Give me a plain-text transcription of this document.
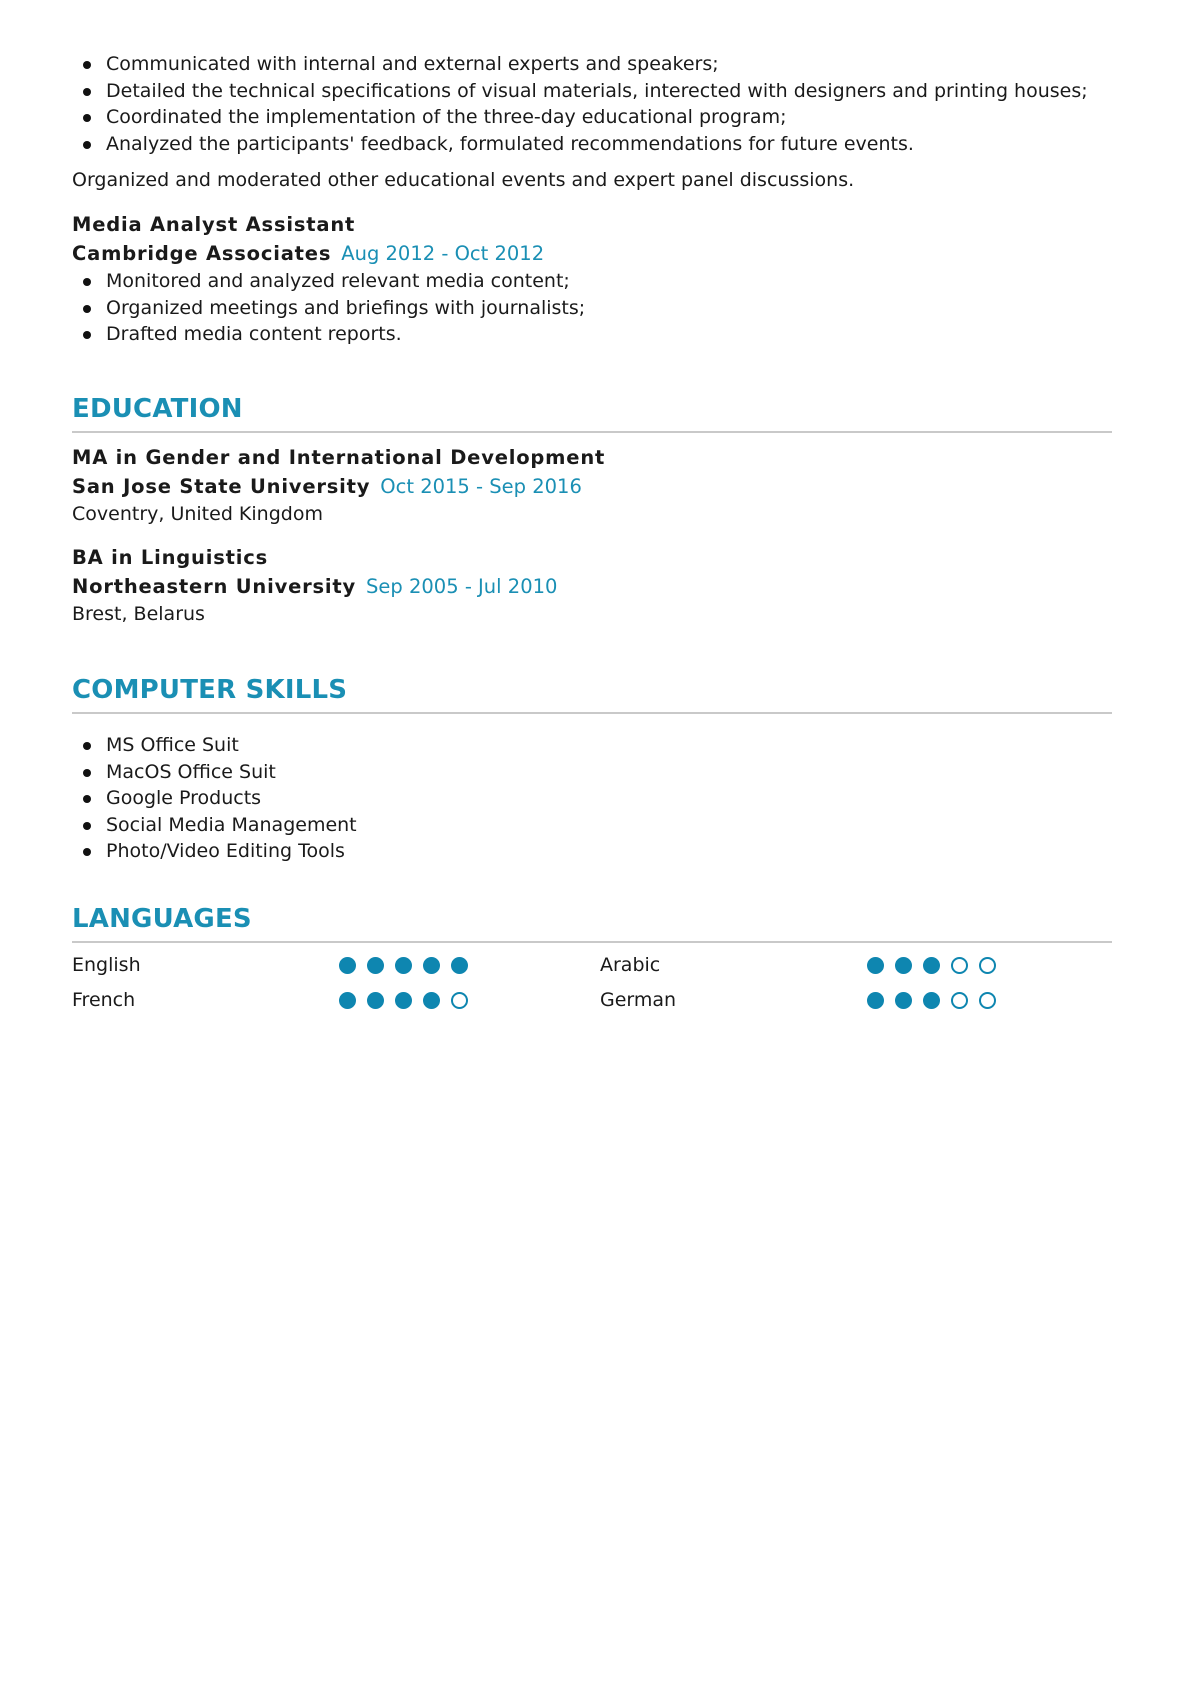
Communicated with internal and external experts and speakers;
Detailed the technical specifications of visual materials, interected with designers and printing houses;
Coordinated the implementation of the three-day educational program;
Analyzed the participants' feedback, formulated recommendations for future events.

Organized and moderated other educational events and expert panel discussions.

Media Analyst Assistant
Cambridge Associates Aug 2012 - Oct 2012
Monitored and analyzed relevant media content;
Organized meetings and briefings with journalists;
Drafted media content reports.
EDUCATION
MA in Gender and International Development
San Jose State University Oct 2015 - Sep 2016
Coventry, United Kingdom
BA in Linguistics
Northeastern University Sep 2005 - Jul 2010
Brest, Belarus
COMPUTER SKILLS
MS Office Suit
MacOS Office Suit
Google Products
Social Media Management
Photo/Video Editing Tools
LANGUAGES
English	Arabic
French	German
